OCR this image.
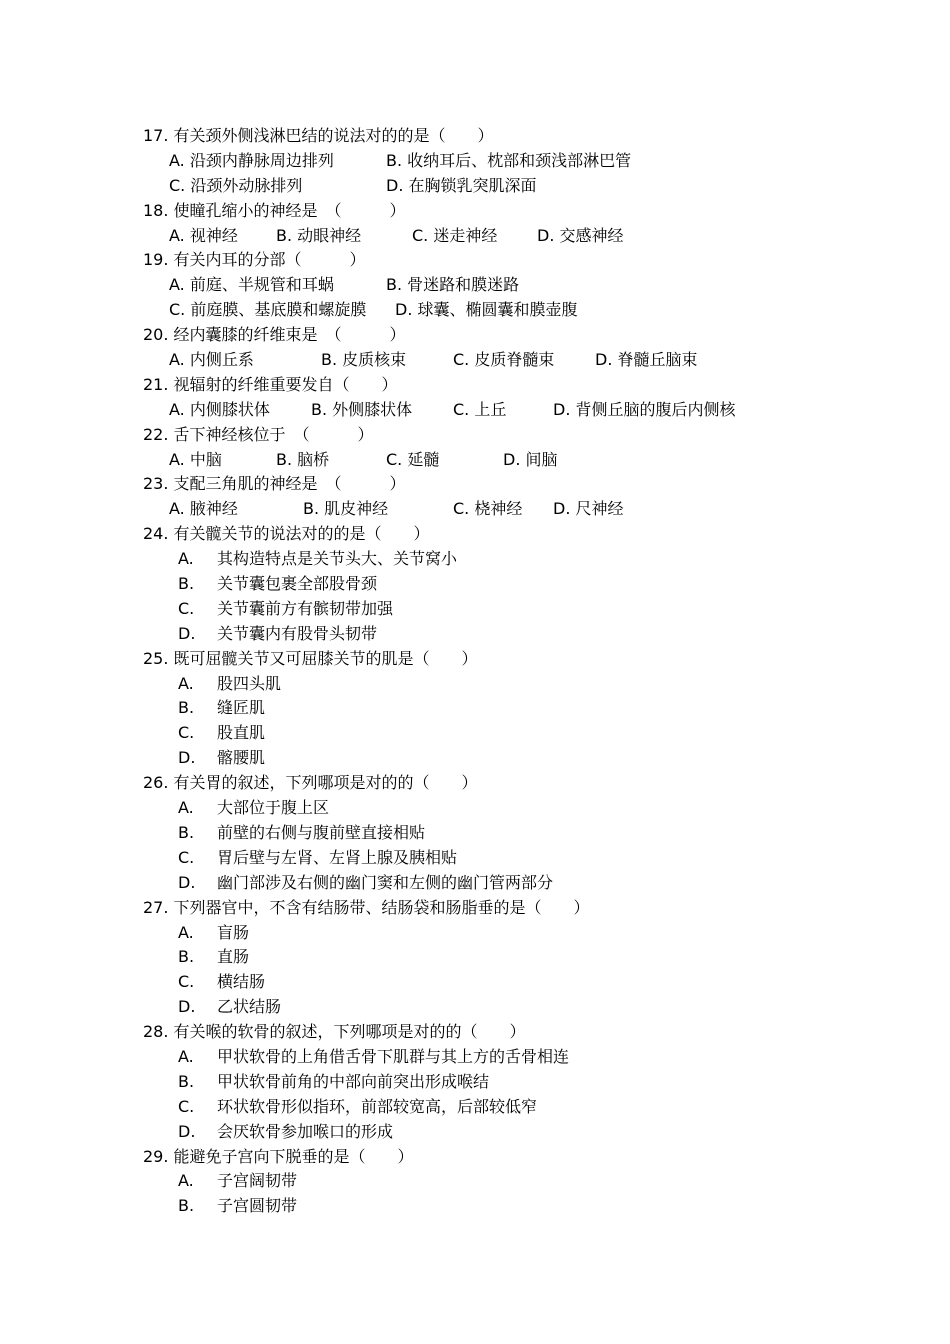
17. 有关颈外侧浅淋巴结的说法对的的是（　　）
A. 沿颈内静脉周边排列	B. 收纳耳后、枕部和颈浅部淋巴管
C. 沿颈外动脉排列	D. 在胸锁乳突肌深面
18. 使瞳孔缩小的神经是　（　　　）
A. 视神经 B. 动眼神经	C. 迷走神经 D. 交感神经
19. 有关内耳的分部（　　　）
A. 前庭、半规管和耳蜗	B. 骨迷路和膜迷路
C. 前庭膜、基底膜和螺旋膜 D. 球囊、椭圆囊和膜壶腹
20. 经内囊膝的纤维束是　（　　　）
A. 内侧丘系	B. 皮质核束	C. 皮质脊髓束	D. 脊髓丘脑束
21. 视辐射的纤维重要发自（　　）
A. 内侧膝状体	B. 外侧膝状体	C. 上丘	D. 背侧丘脑的腹后内侧核
22. 舌下神经核位于　（　　　）
A. 中脑	B. 脑桥	C. 延髓	D. 间脑
23. 支配三角肌的神经是　（　　　）
A. 腋神经	B. 肌皮神经	C. 桡神经 D. 尺神经
24. 有关髋关节的说法对的的是（　　）
A. 其构造特点是关节头大、关节窝小
B. 关节囊包裹全部股骨颈
C. 关节囊前方有髌韧带加强
D. 关节囊内有股骨头韧带
25. 既可屈髋关节又可屈膝关节的肌是（　　）
A. 股四头肌
B. 缝匠肌
C. 股直肌
D. 髂腰肌
26. 有关胃的叙述，下列哪项是对的的（　　）
A. 大部位于腹上区
B. 前壁的右侧与腹前壁直接相贴
C. 胃后壁与左肾、左肾上腺及胰相贴
D. 幽门部涉及右侧的幽门窦和左侧的幽门管两部分
27. 下列器官中，不含有结肠带、结肠袋和肠脂垂的是（　　）
A. 盲肠
B. 直肠
C. 横结肠
D. 乙状结肠
28. 有关喉的软骨的叙述，下列哪项是对的的（　　）
A. 甲状软骨的上角借舌骨下肌群与其上方的舌骨相连
B. 甲状软骨前角的中部向前突出形成喉结
C. 环状软骨形似指环，前部较宽高，后部较低窄
D. 会厌软骨参加喉口的形成
29. 能避免子宫向下脱垂的是（　　）
A. 子宫阔韧带
B. 子宫圆韧带
